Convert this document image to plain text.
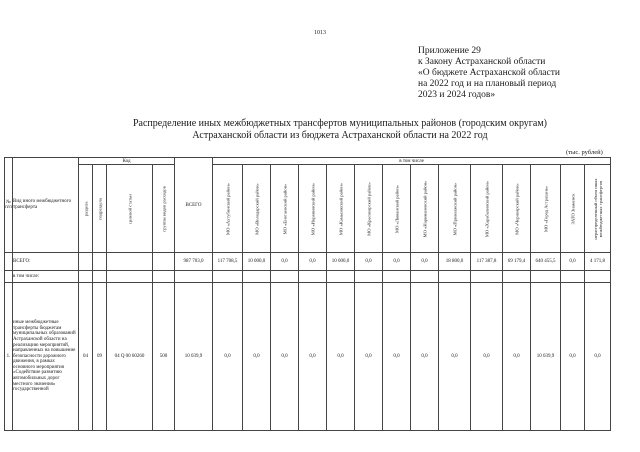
1013
Приложение 29
к Закону Астраханской области
«О бюджете Астраханской области
на 2022 год и на плановый период
2023 и 2024 годов»
Распределение иных межбюджетных трансфертов муниципальных районов (городским округам)
Астраханской области из бюджета Астраханской области на 2022 год
(тыс. рублей)
№ п/п	Вид иного межбюджетного трансферта	Код				ВСЕГО	в том числе													

		раздела	подраздела	целевой статьи	группы видов расходов		МО «Ахтубинский район»	МО «Володарский район»	МО «Енотаевский район»	МО «Икрянинский район»	МО «Камызякский район»	МО «Красноярский район»	МО «Лиманский район»	МО «Наримановский район»	МО «Приволжский район»	МО «Харабалинский район»	МО «Черноярский район»	МО «Город Астрахань»	ЗАТО Знаменск	нераспределенный объем иных межбюджетных трансфертов

	ВСЕГО:					987 703,0	117 708,5	10 000,0	0,0	0,0	10 000,0	0,0	0,0	0,0	18 800,0	117 387,8	69 179,4	640 455,5	0,0	4 171,8
	в том числе:																			
1.	иные межбюджетные трансферты бюджетам муниципальных образований Астраханской области на реализацию мероприятий, направленных на повышение безопасности дорожного движения, в рамках основного мероприятия «Содействие развитию автомобильных дорог местного значения» государственной	04	09	04 Q 00 60260	500	10 039,9	0,0	0,0	0,0	0,0	0,0	0,0	0,0	0,0	0,0	0,0	0,0	10 039,9	0,0	0,0
